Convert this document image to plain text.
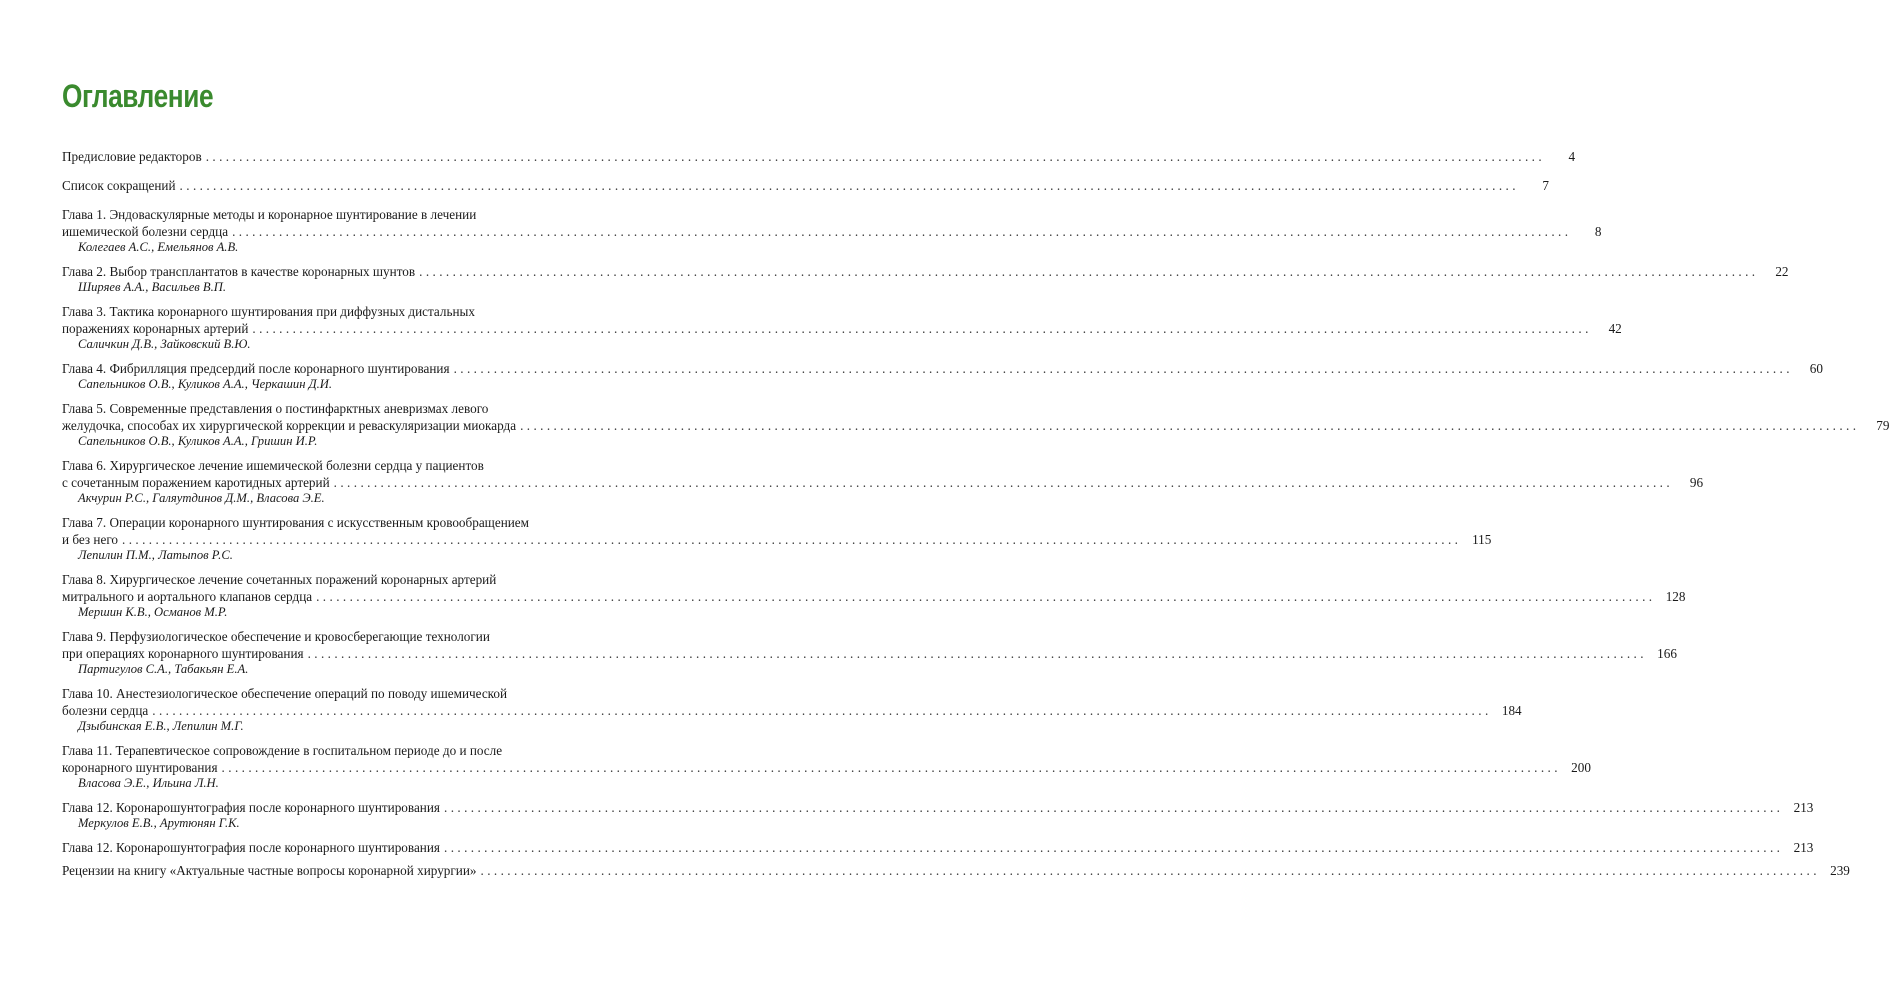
Оглавление
Предисловие редакторов ........................................................................................................................................................................................................	4
Список сокращений ........................................................................................................................................................................................................	7
Глава 1. Эндоваскулярные методы и коронарное шунтирование в лечении
ишемической болезни сердца ........................................................................................................................................................................................................	8
Колегаев А.С., Емельянов А.В.
Глава 2. Выбор трансплантатов в качестве коронарных шунтов ........................................................................................................................................................................................................	22
Ширяев А.А., Васильев В.П.
Глава 3. Тактика коронарного шунтирования при диффузных дистальных
поражениях коронарных артерий ........................................................................................................................................................................................................	42
Саличкин Д.В., Зайковский В.Ю.
Глава 4. Фибрилляция предсердий после коронарного шунтирования ........................................................................................................................................................................................................	60
Сапельников О.В., Куликов А.А., Черкашин Д.И.
Глава 5. Современные представления о постинфарктных аневризмах левого
желудочка, способах их хирургической коррекции и реваскуляризации миокарда ........................................................................................................................................................................................................	79
Сапельников О.В., Куликов А.А., Гришин И.Р.
Глава 6. Хирургическое лечение ишемической болезни сердца у пациентов
с сочетанным поражением каротидных артерий ........................................................................................................................................................................................................	96
Акчурин Р.С., Галяутдинов Д.М., Власова Э.Е.
Глава 7. Операции коронарного шунтирования с искусственным кровообращением
и без него ........................................................................................................................................................................................................ 115
Лепилин П.М., Латыпов Р.С.
Глава 8. Хирургическое лечение сочетанных поражений коронарных артерий
митрального и аортального клапанов сердца ........................................................................................................................................................................................................ 128
Мершин К.В., Османов М.Р.
Глава 9. Перфузиологическое обеспечение и кровосберегающие технологии
при операциях коронарного шунтирования ........................................................................................................................................................................................................ 166
Партигулов С.А., Табакьян Е.А.
Глава 10. Анестезиологическое обеспечение операций по поводу ишемической
болезни сердца ........................................................................................................................................................................................................ 184
Дзыбинская Е.В., Лепилин М.Г.
Глава 11. Терапевтическое сопровождение в госпитальном периоде до и после
коронарного шунтирования ........................................................................................................................................................................................................ 200
Власова Э.Е., Ильина Л.Н.
Глава 12. Коронарошунтография после коронарного шунтирования ........................................................................................................................................................................................................ 213
Меркулов Е.В., Арутюнян Г.К.
Глава 12. Коронарошунтография после коронарного шунтирования ........................................................................................................................................................................................................ 213
Рецензии на книгу «Актуальные частные вопросы коронарной хирургии» ........................................................................................................................................................................................................ 239
